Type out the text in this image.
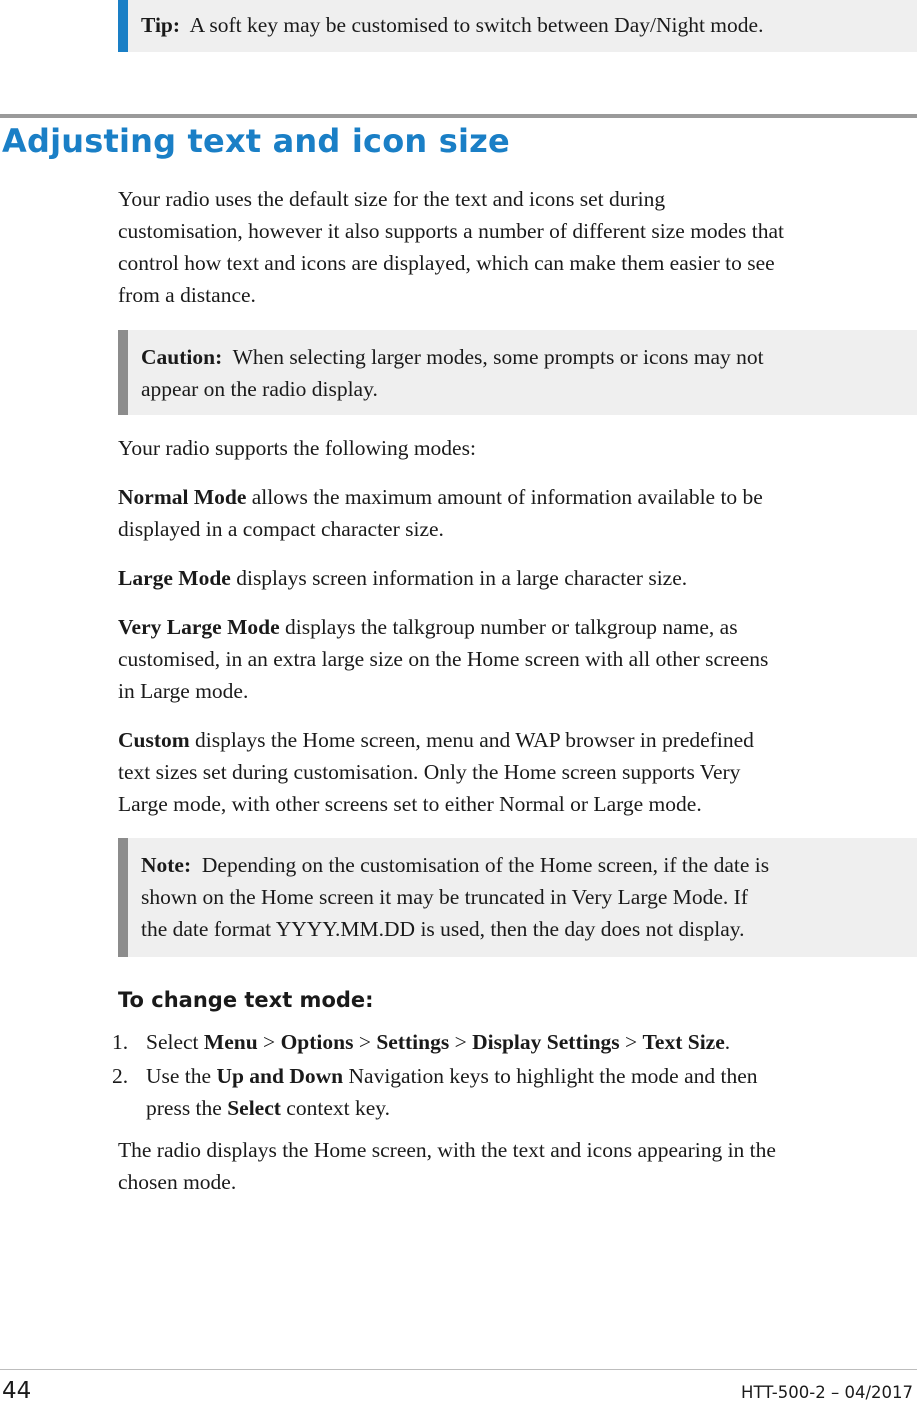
Tip: A soft key may be customised to switch between Day/Night mode.
Adjusting text and icon size

Your radio uses the default size for the text and icons set during
customisation, however it also supports a number of different size modes that
control how text and icons are displayed, which can make them easier to see
from a distance.

Caution: When selecting larger modes, some prompts or icons may not
appear on the radio display.

Your radio supports the following modes:

Normal Mode allows the maximum amount of information available to be
displayed in a compact character size.

Large Mode displays screen information in a large character size.

Very Large Mode displays the talkgroup number or talkgroup name, as
customised, in an extra large size on the Home screen with all other screens
in Large mode.

Custom displays the Home screen, menu and WAP browser in predefined
text sizes set during customisation. Only the Home screen supports Very
Large mode, with other screens set to either Normal or Large mode.

Note: Depending on the customisation of the Home screen, if the date is
shown on the Home screen it may be truncated in Very Large Mode. If
the date format YYYY.MM.DD is used, then the day does not display.
To change text mode:
1. Select Menu > Options > Settings > Display Settings > Text Size.
2. Use the Up and Down Navigation keys to highlight the mode and then
press the Select context key.

The radio displays the Home screen, with the text and icons appearing in the
chosen mode.

44	HTT-500-2 – 04/2017
